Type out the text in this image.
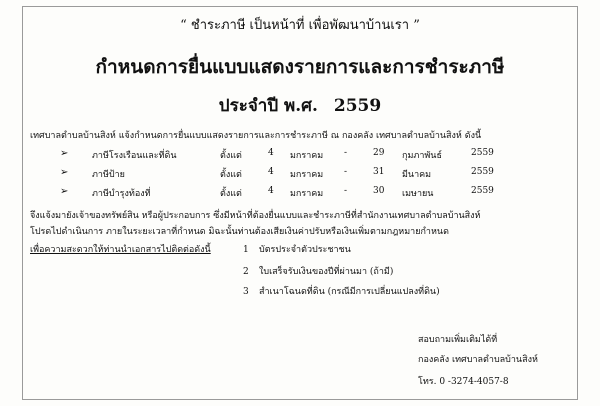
“ ชำระภาษี เป็นหน้าที่ เพื่อพัฒนาบ้านเรา ”
กำหนดการยื่นแบบแสดงรายการและการชำระภาษี
ประจำปี พ.ศ. 2559
เทศบาลตำบลบ้านสิงห์ แจ้งกำหนดการยื่นแบบแสดงรายการและการชำระภาษี ณ กองคลัง เทศบาลตำบลบ้านสิงห์ ดังนี้
➢	ภาษีโรงเรือนและที่ดิน	ตั้งแต่	4 มกราคม -	29 กุมภาพันธ์	2559
➢	ภาษีป้าย	ตั้งแต่	4 มกราคม -	31 มีนาคม	2559
➢	ภาษีบำรุงท้องที่	ตั้งแต่	4 มกราคม -	30 เมษายน	2559
จึงแจ้งมายังเจ้าของทรัพย์สิน หรือผู้ประกอบการ ซึ่งมีหน้าที่ต้องยื่นแบบและชำระภาษีที่สำนักงานเทศบาลตำบลบ้านสิงห์
โปรดไปดำเนินการ ภายในระยะเวลาที่กำหนด มิฉะนั้นท่านต้องเสียเงินค่าปรับหรือเงินเพิ่มตามกฎหมายกำหนด
เพื่อความสะดวกให้ท่านนำเอกสารไปติดต่อดังนี้	1 บัตรประจำตัวประชาชน
2 ใบเสร็จรับเงินของปีที่ผ่านมา (ถ้ามี)
3 สำเนาโฉนดที่ดิน (กรณีมีการเปลี่ยนแปลงที่ดิน)
สอบถามเพิ่มเติมได้ที่
กองคลัง เทศบาลตำบลบ้านสิงห์
โทร. 0 -3274-4057-8
